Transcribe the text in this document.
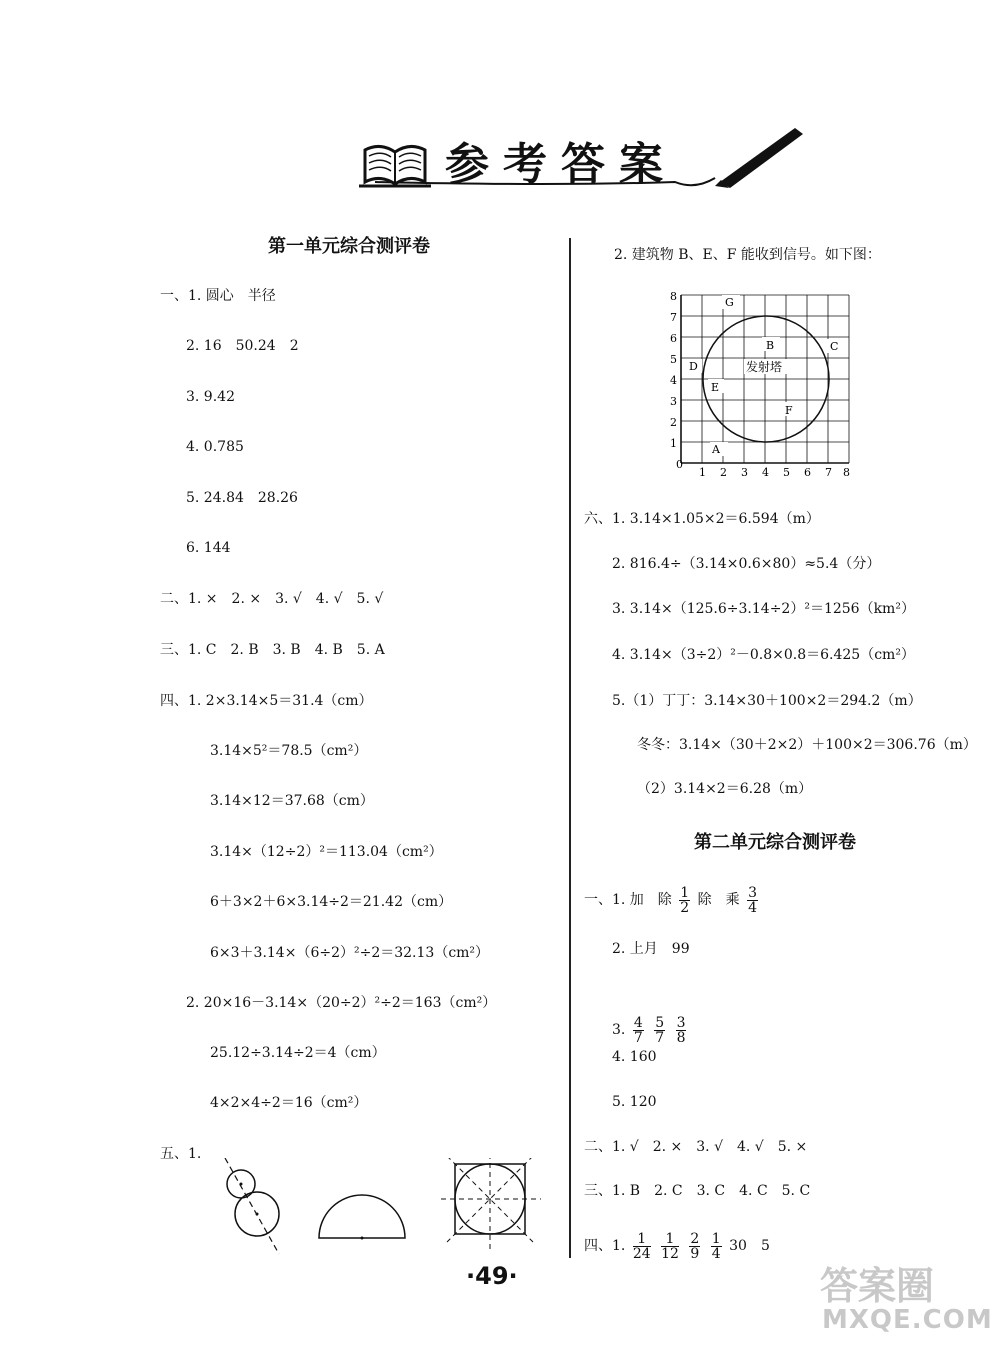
参考答案
第一单元综合测评卷
一、1. 圆心　半径
2. 16　50.24　2
3. 9.42
4. 0.785
5. 24.84　28.26
6. 144
二、1. ×　2. ×　3. √　4. √　5. √
三、1. C　2. B　3. B　4. B　5. A
四、1. 2×3.14×5＝31.4（cm）
3.14×5²＝78.5（cm²）
3.14×12＝37.68（cm）
3.14×（12÷2）²＝113.04（cm²）
6＋3×2＋6×3.14÷2＝21.42（cm）
6×3＋3.14×（6÷2）²÷2＝32.13（cm²）
2. 20×16－3.14×（20÷2）²÷2＝163（cm²）
25.12÷3.14÷2＝4（cm）
4×2×4÷2＝16（cm²）
五、1.
2. 建筑物 B、E、F 能收到信号。如下图：
0
1
2
3
4
5
6
7
8
1 2 3 4 5 6 7 8
A
B	C
D
E
F
G
发射塔
六、1. 3.14×1.05×2＝6.594（m）
2. 816.4÷（3.14×0.6×80）≈5.4（分）
3. 3.14×（125.6÷3.14÷2）²＝1256（km²）
4. 3.14×（3÷2）²－0.8×0.8＝6.425（cm²）
5.（1）丁丁：3.14×30＋100×2＝294.2（m）
冬冬：3.14×（30＋2×2）＋100×2＝306.76（m）
（2）3.14×2＝6.28（m）
第二单元综合测评卷
一、1. 加　除 $\frac{1}{2}$ 除　乘 $\frac{3}{4}$
2. 上月　99
3. $\frac{4}{7}$
$\frac{5}{7}$
$\frac{3}{8}$
4. 160
5. 120
二、1. √　2. ×　3. √　4. √　5. ×
三、1. B　2. C　3. C　4. C　5. C
四、1. $\frac{1}{24}$
$\frac{1}{12}$
$\frac{2}{9}$
$\frac{1}{4} 30$　5
·49·	答案圈
MXQE.COM
